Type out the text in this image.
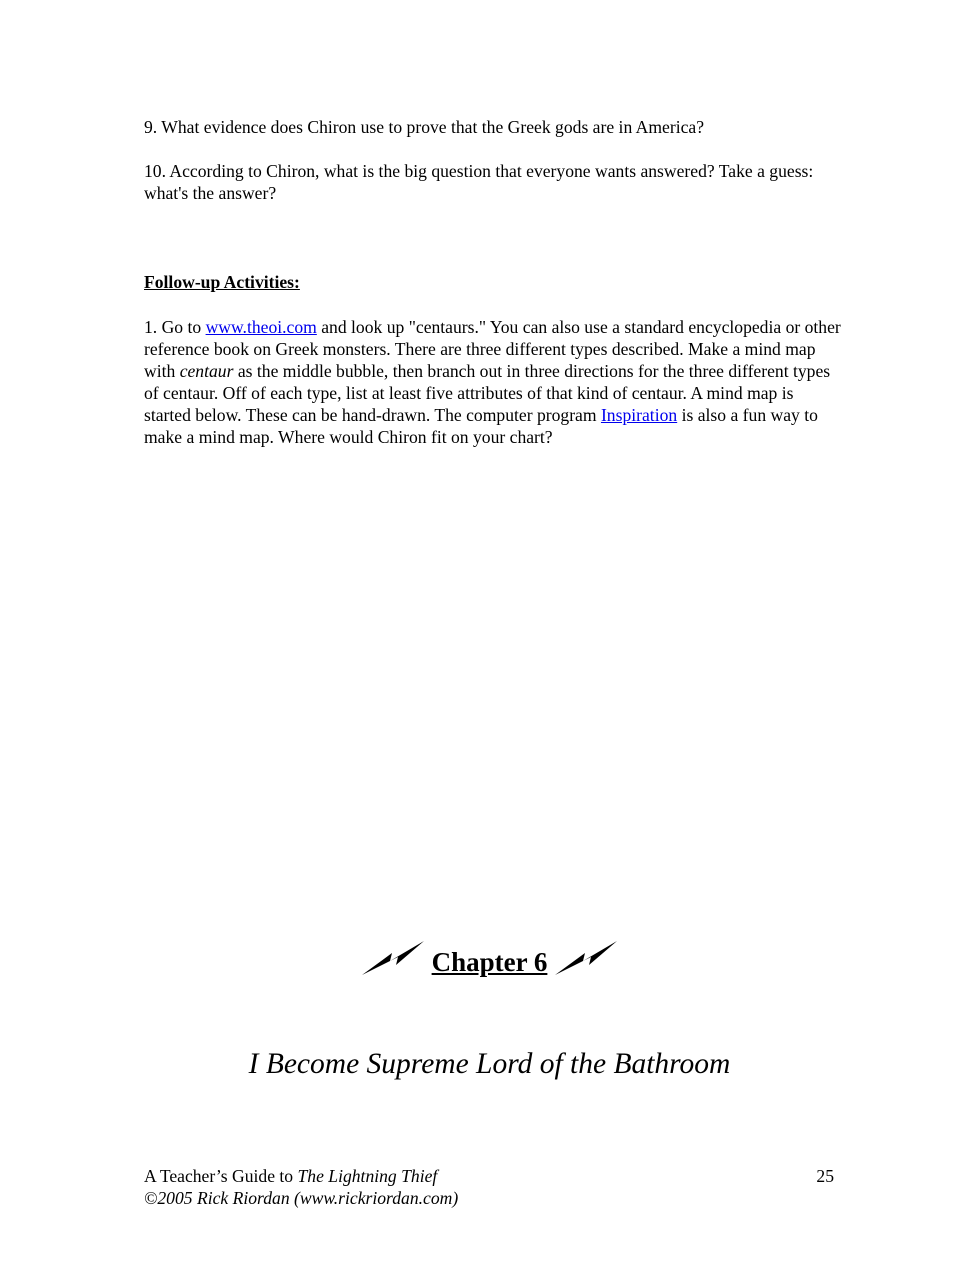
9. What evidence does Chiron use to prove that the Greek gods are in America?

10. According to Chiron, what is the big question that everyone wants answered? Take a guess: what's the answer?

Follow-up Activities:

1. Go to www.theoi.com and look up "centaurs." You can also use a standard encyclopedia or other reference book on Greek monsters. There are three different types described. Make a mind map with centaur as the middle bubble, then branch out in three directions for the three different types of centaur. Off of each type, list at least five attributes of that kind of centaur. A mind map is started below. These can be hand-drawn. The computer program Inspiration is also a fun way to make a mind map. Where would Chiron fit on your chart?

Chapter 6
I Become Supreme Lord of the Bathroom
A Teacher’s Guide to The Lightning Thief	25
©2005 Rick Riordan (www.rickriordan.com)
